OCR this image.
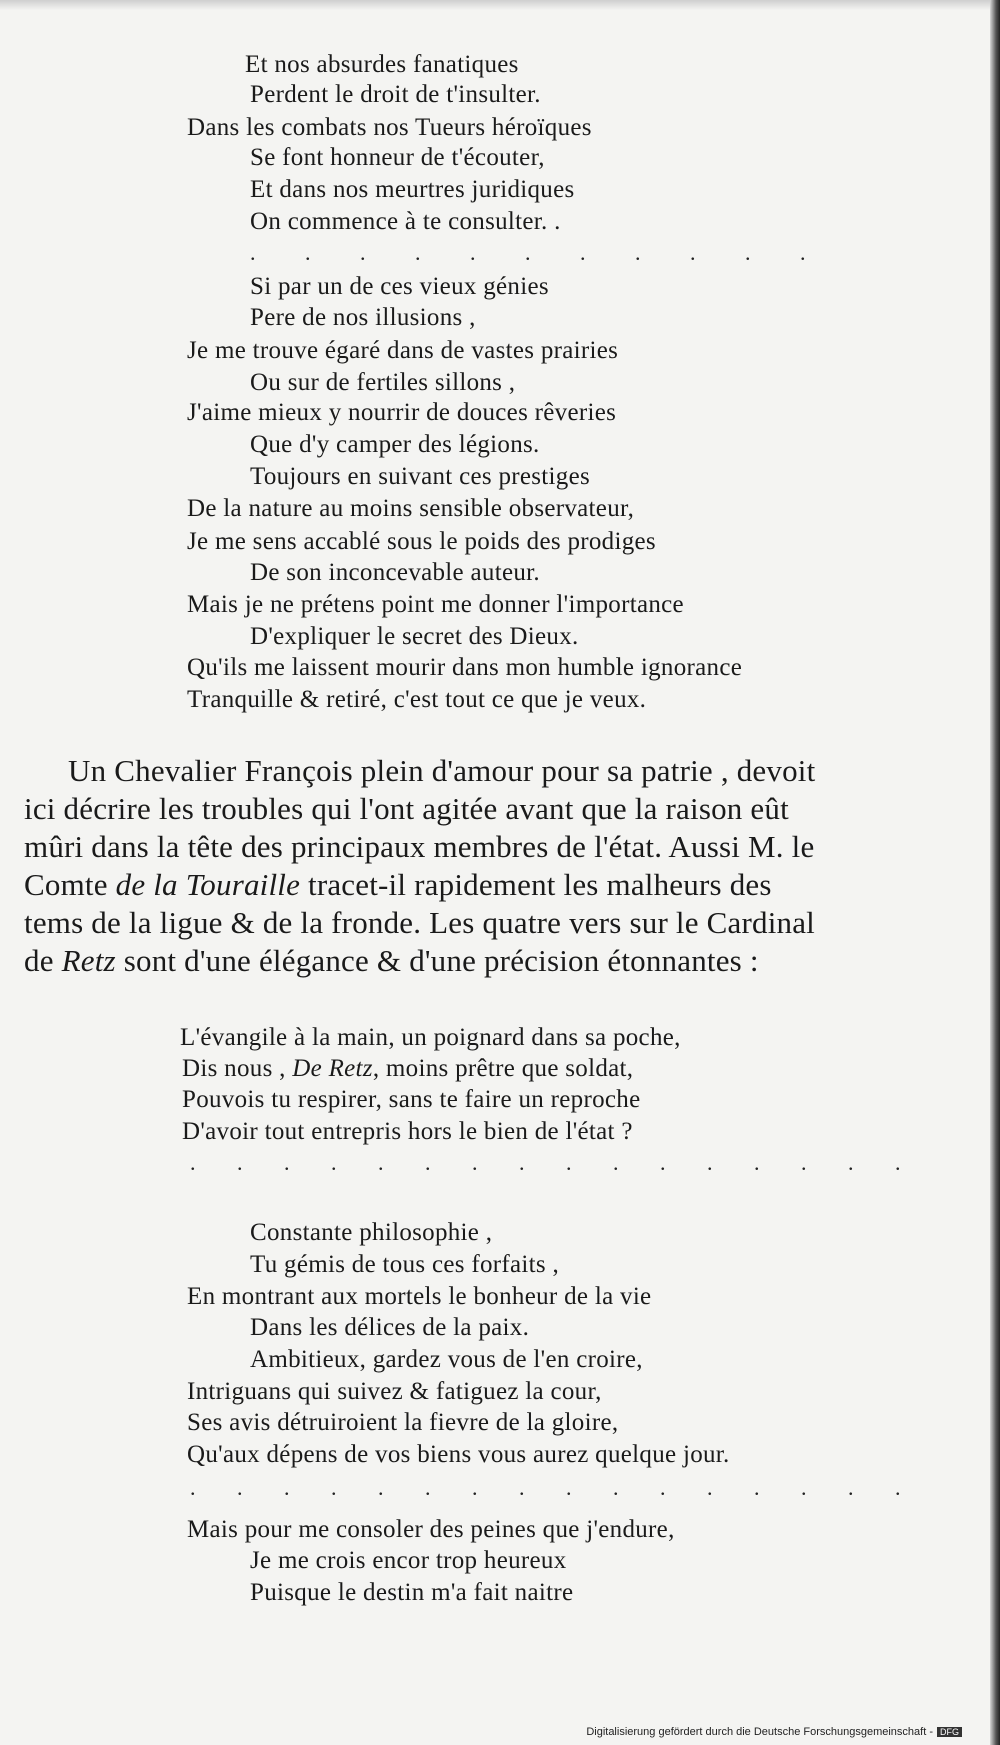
Et nos absurdes fanatiques
Perdent le droit de t'insulter.
Dans les combats nos Tueurs héroïques
Se font honneur de t'écouter,
Et dans nos meurtres juridiques
On commence à te consulter. .
. . . . . . . . . . .
Si par un de ces vieux génies
Pere de nos illusions ,
Je me trouve égaré dans de vastes prairies
Ou sur de fertiles sillons ,
J'aime mieux y nourrir de douces rêveries
Que d'y camper des légions.
Toujours en suivant ces prestiges
De la nature au moins sensible observateur,
Je me sens accablé sous le poids des prodiges
De son inconcevable auteur.
Mais je ne prétens point me donner l'importance
D'expliquer le secret des Dieux.
Qu'ils me laissent mourir dans mon humble ignorance
Tranquille & retiré, c'est tout ce que je veux.
Un Chevalier François plein d'amour pour sa patrie , devoit
ici décrire les troubles qui l'ont agitée avant que la raison eût
mûri dans la tête des principaux membres de l'état. Aussi M. le
Comte de la Touraille tracet-il rapidement les malheurs des
tems de la ligue & de la fronde. Les quatre vers sur le Cardinal
de Retz sont d'une élégance & d'une précision étonnantes :
L'évangile à la main, un poignard dans sa poche,
Dis nous , De Retz, moins prêtre que soldat,
Pouvois tu respirer, sans te faire un reproche
D'avoir tout entrepris hors le bien de l'état ?
. . . . . . . . . . . . . . . .
Constante philosophie ,
Tu gémis de tous ces forfaits ,
En montrant aux mortels le bonheur de la vie
Dans les délices de la paix.
Ambitieux, gardez vous de l'en croire,
Intriguans qui suivez & fatiguez la cour,
Ses avis détruiroient la fievre de la gloire,
Qu'aux dépens de vos biens vous aurez quelque jour.
. . . . . . . . . . . . . . . .
Mais pour me consoler des peines que j'endure,
Je me crois encor trop heureux
Puisque le destin m'a fait naitre
Digitalisierung gefördert durch die Deutsche Forschungsgemeinschaft - DFG
